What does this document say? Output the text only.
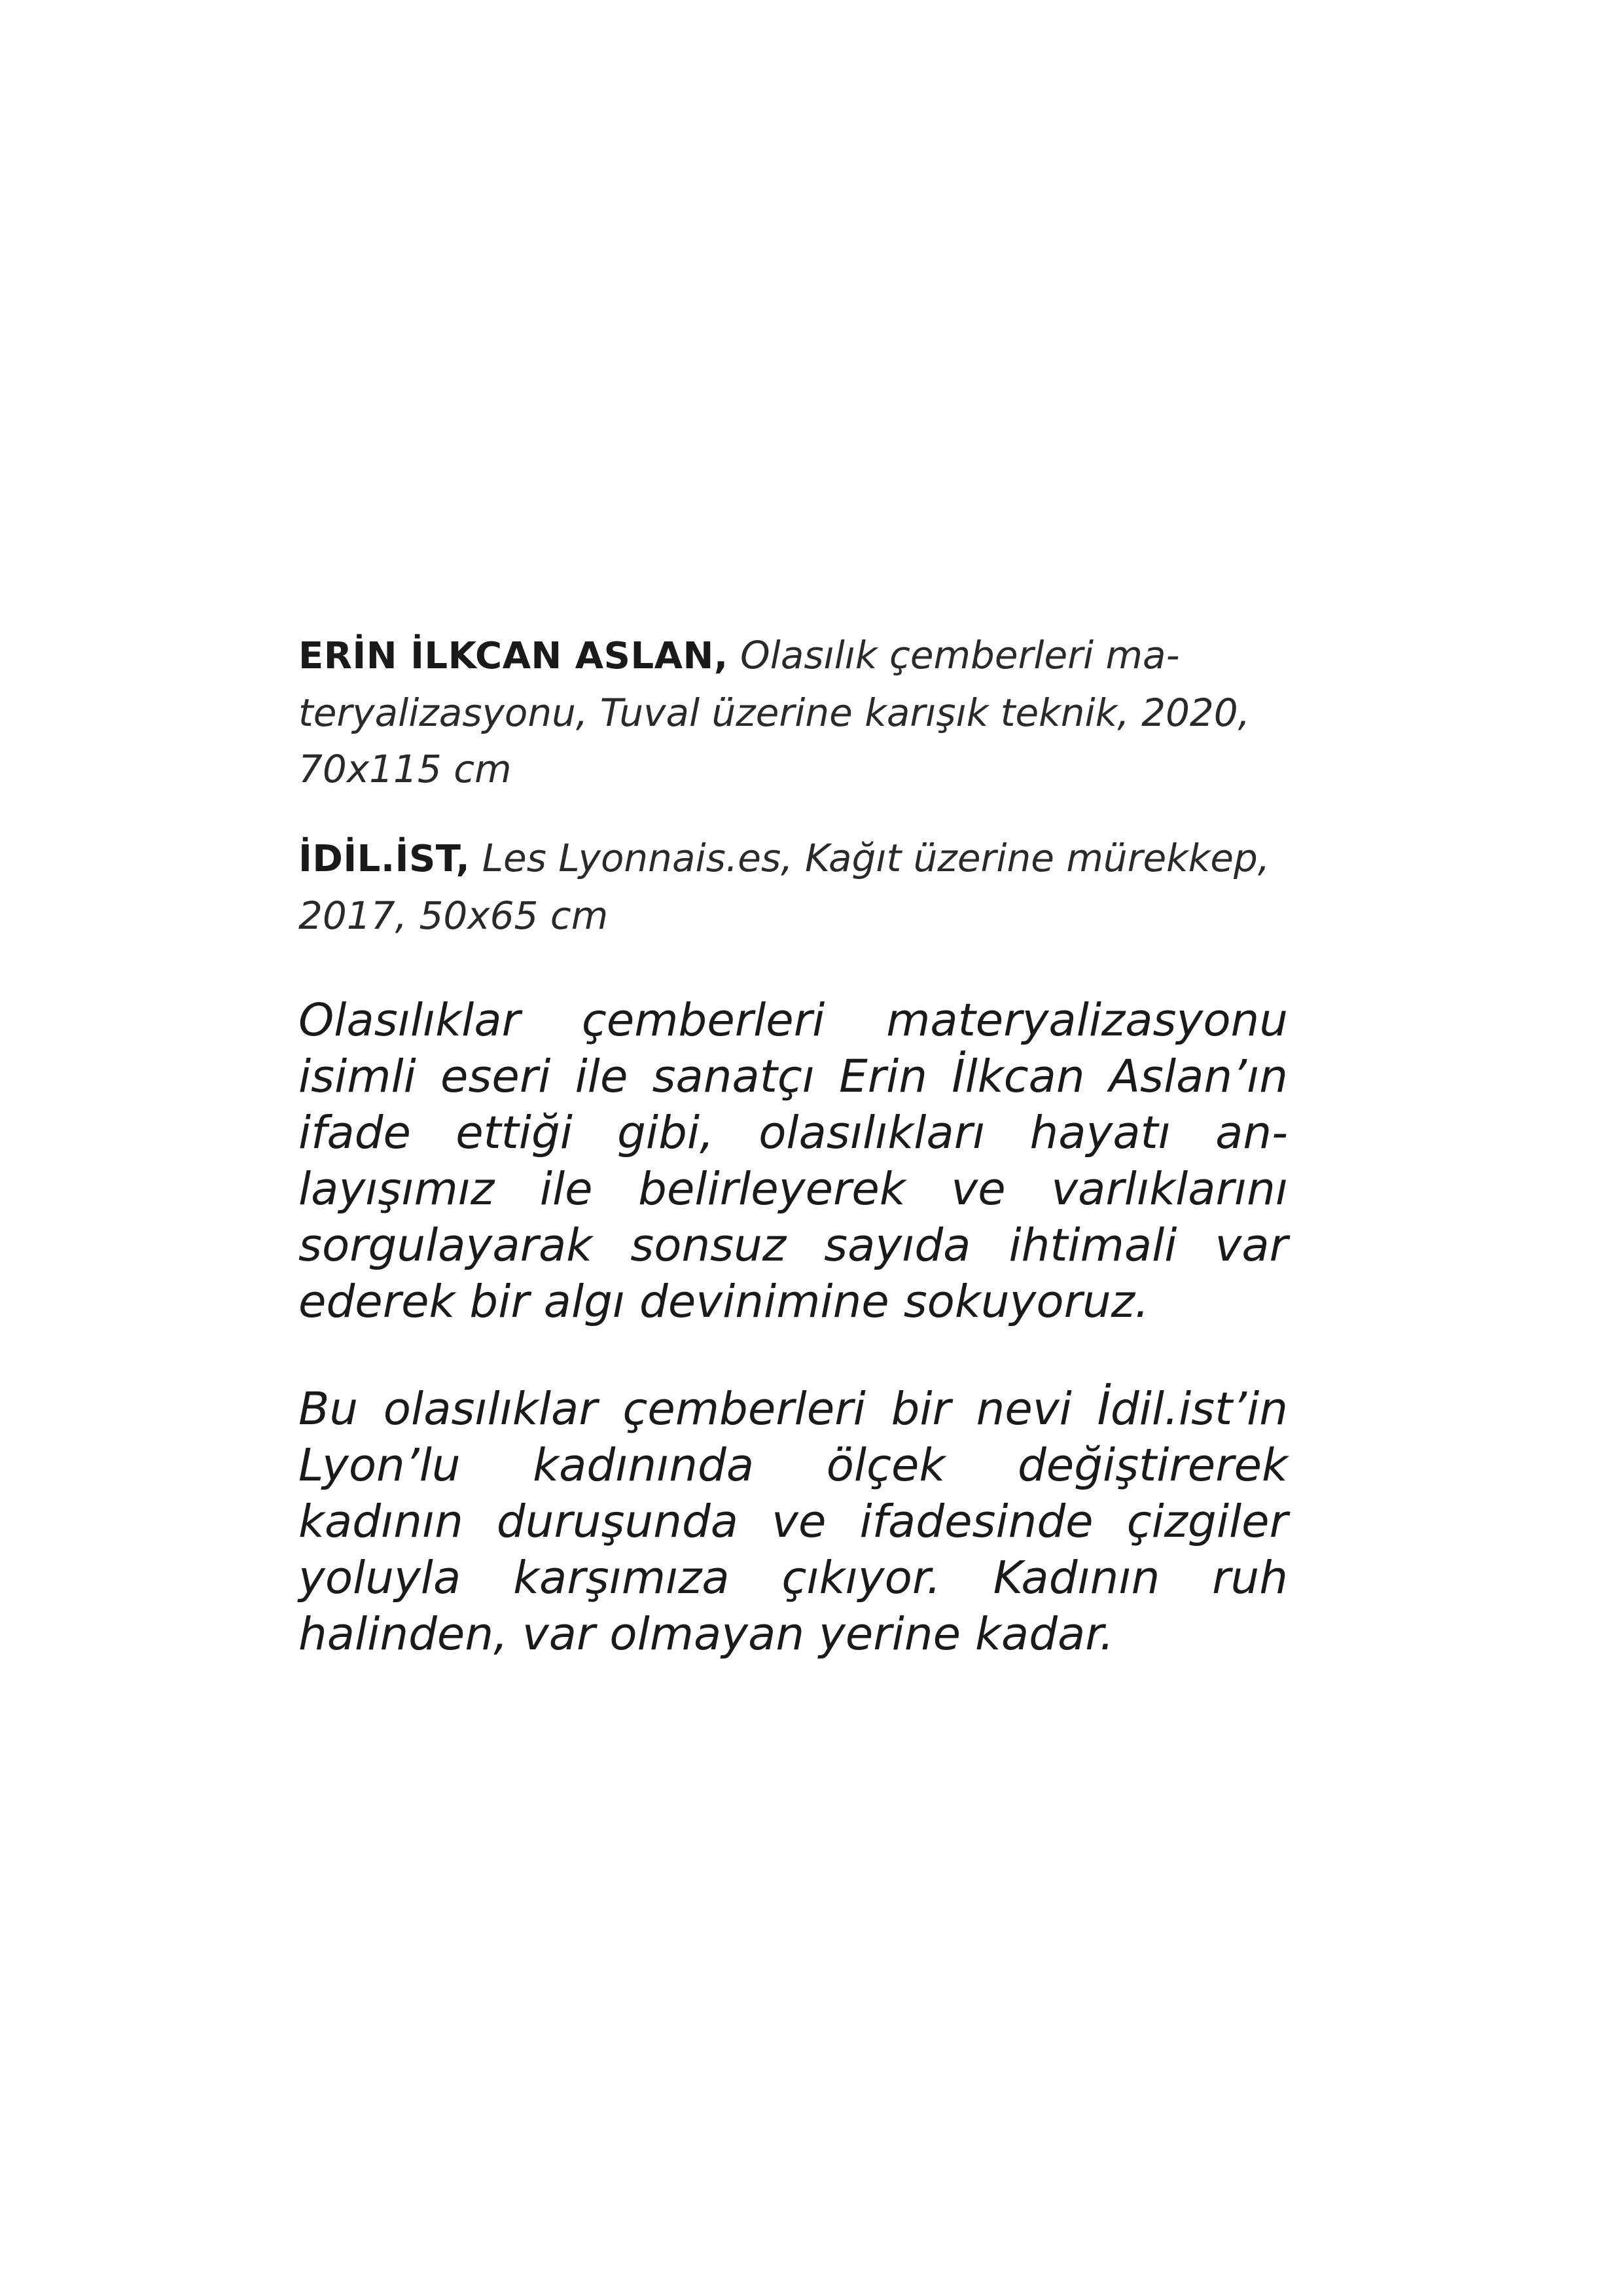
ERİN İLKCAN ASLAN, Olasılık çemberleri materyalizasyonu, Tuval üzerine karışık teknik, 2020, 70x115 cm

İDİL.İST, Les Lyonnais.es, Kağıt üzerine mürekkep, 2017, 50x65 cm

Olasılıklar çemberleri materyalizasyonu isimli eseri ile sanatçı Erin İlkcan Aslan’ın ifade ettiği gibi, olasılıkları hayatı anlayışımız ile belirleyerek ve varlıklarını sorgulayarak sonsuz sayıda ihtimali var ederek bir algı devinimine sokuyoruz.

Bu olasılıklar çemberleri bir nevi İdil.ist’in Lyon’lu kadınında ölçek değiştirerek kadının duruşunda ve ifadesinde çizgiler yoluyla karşımıza çıkıyor. Kadının ruh halinden, var olmayan yerine kadar.
